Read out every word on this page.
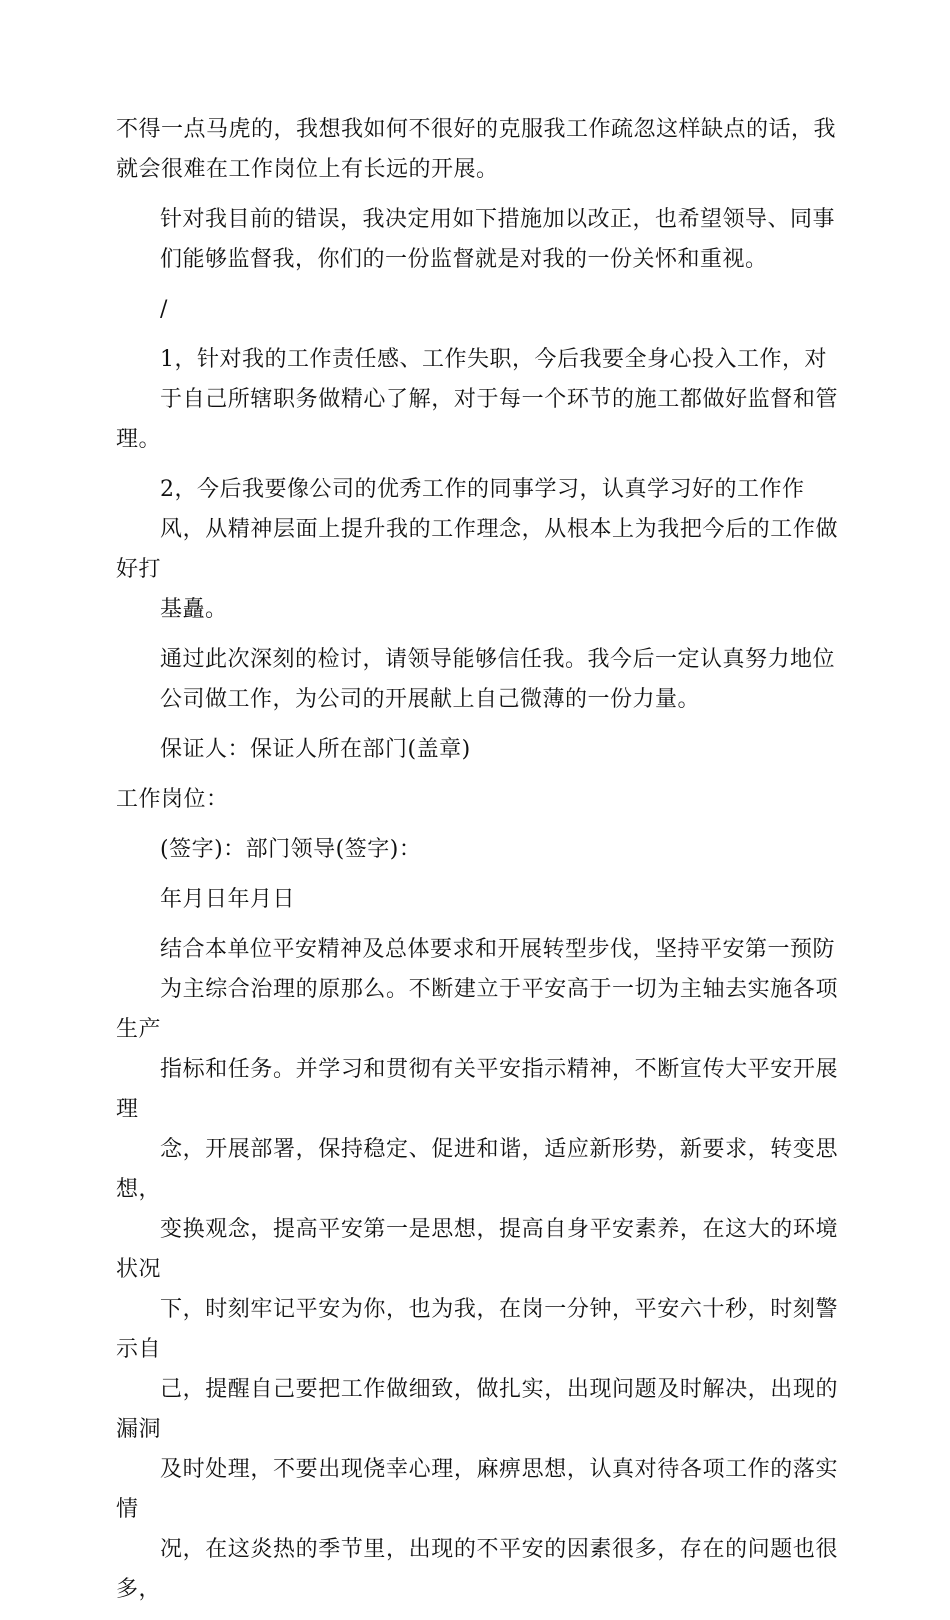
不得一点马虎的，我想我如何不很好的克服我工作疏忽这样缺点的话，我
就会很难在工作岗位上有长远的开展。

针对我目前的错误，我决定用如下措施加以改正，也希望领导、同事
们能够监督我，你们的一份监督就是对我的一份关怀和重视。

/

1，针对我的工作责任感、工作失职，今后我要全身心投入工作，对
于自己所辖职务做精心了解，对于每一个环节的施工都做好监督和管理。

2，今后我要像公司的优秀工作的同事学习，认真学习好的工作作
风，从精神层面上提升我的工作理念，从根本上为我把今后的工作做好打
基矗。

通过此次深刻的检讨，请领导能够信任我。我今后一定认真努力地位
公司做工作，为公司的开展献上自己微薄的一份力量。

保证人：保证人所在部门(盖章)

工作岗位：

(签字)：部门领导(签字)：

年月日年月日

结合本单位平安精神及总体要求和开展转型步伐，坚持平安第一预防
为主综合治理的原那么。不断建立于平安高于一切为主轴去实施各项生产
指标和任务。并学习和贯彻有关平安指示精神，不断宣传大平安开展理
念，开展部署，保持稳定、促进和谐，适应新形势，新要求，转变思想，
变换观念，提高平安第一是思想，提高自身平安素养，在这大的环境状况
下，时刻牢记平安为你，也为我，在岗一分钟，平安六十秒，时刻警示自
己，提醒自己要把工作做细致，做扎实，出现问题及时解决，出现的漏洞
及时处理，不要出现侥幸心理，麻痹思想，认真对待各项工作的落实情
况，在这炎热的季节里，出现的不平安的因素很多，存在的问题也很多，
